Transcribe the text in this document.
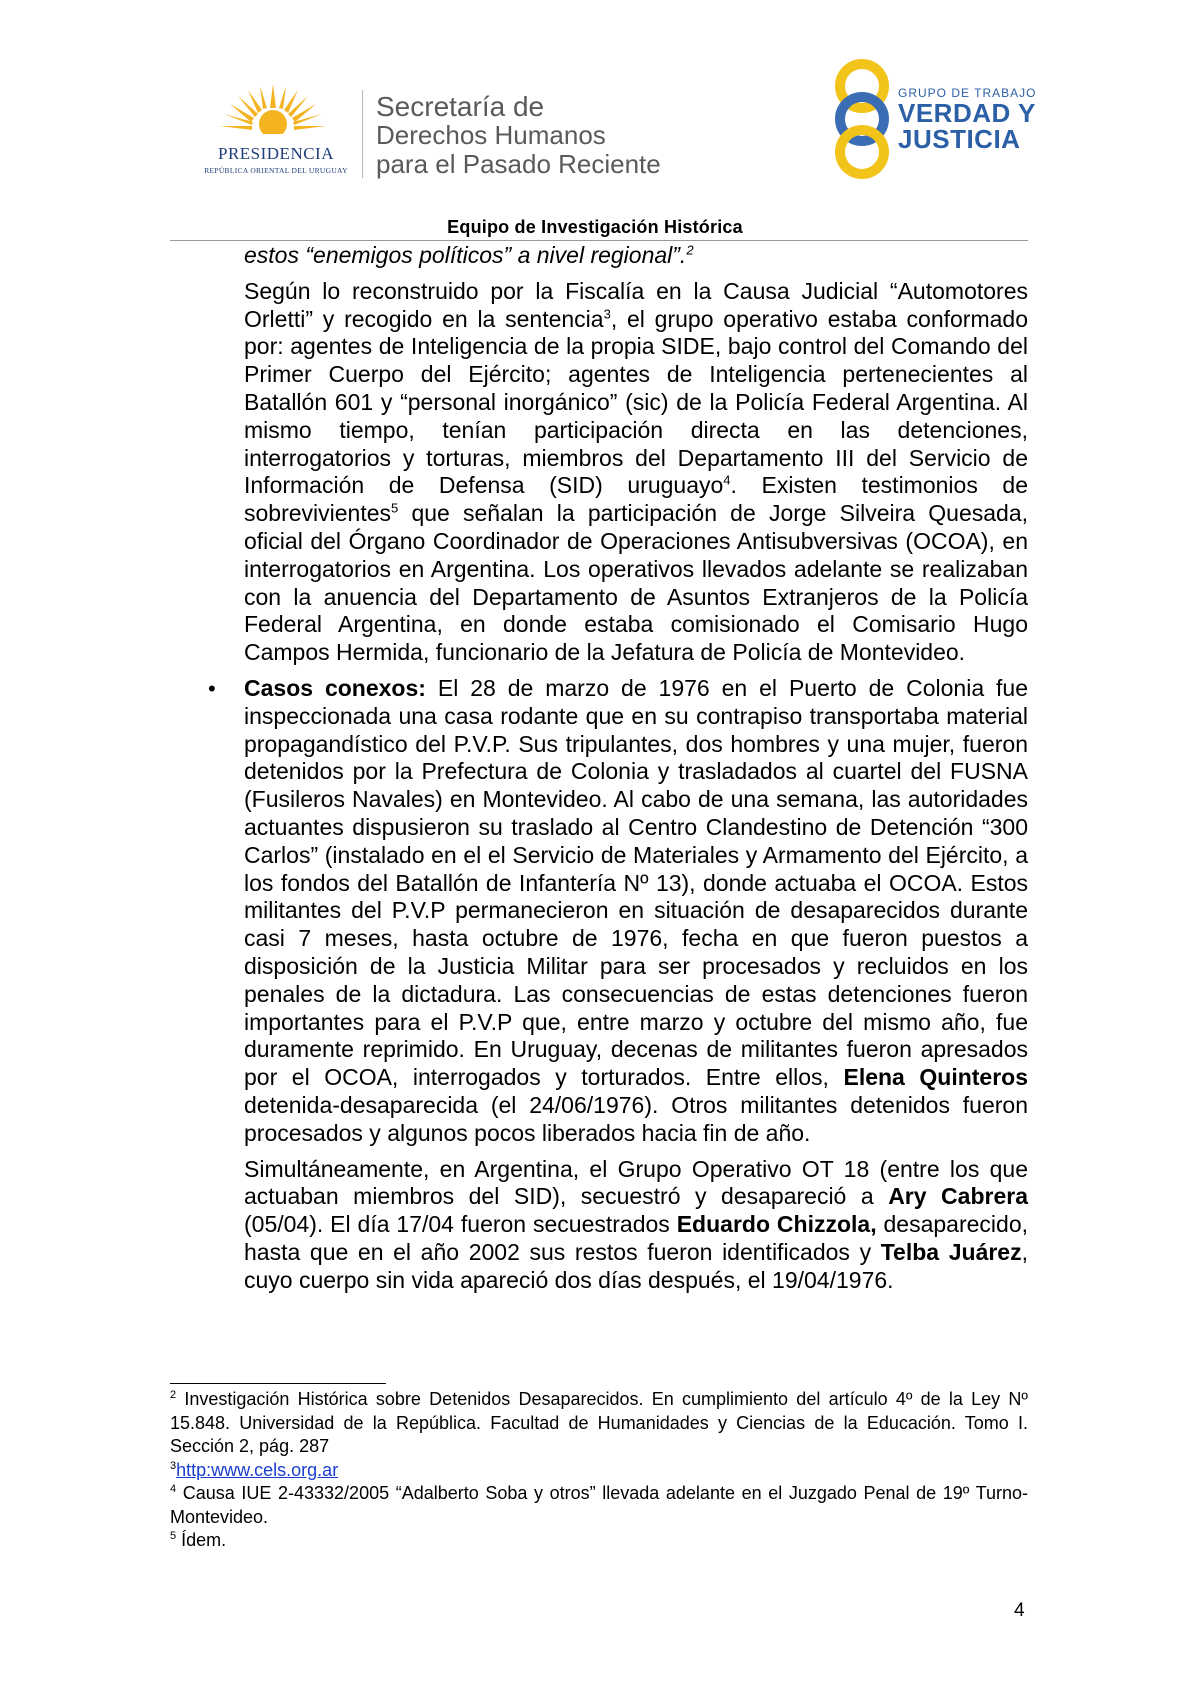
PRESIDENCIA
REPÚBLICA ORIENTAL DEL URUGUAY
Secretaría de
Derechos Humanos
para el Pasado Reciente
GRUPO DE TRABAJO
VERDAD Y
JUSTICIA
Equipo de Investigación Histórica

estos “enemigos políticos” a nivel regional”.$^2$

Según lo reconstruido por la Fiscalía en la Causa Judicial “Automotores Orletti” y recogido en la sentencia$^3$, el grupo operativo estaba conformado por: agentes de Inteligencia de la propia SIDE, bajo control del Comando del Primer Cuerpo del Ejército; agentes de Inteligencia pertenecientes al Batallón 601 y “personal inorgánico” (sic) de la Policía Federal Argentina. Al mismo tiempo, tenían participación directa en las detenciones, interrogatorios y torturas, miembros del Departamento III del Servicio de Información de Defensa (SID) uruguayo$^4$. Existen testimonios de sobrevivientes$^5$ que señalan la participación de Jorge Silveira Quesada, oficial del Órgano Coordinador de Operaciones Antisubversivas (OCOA), en interrogatorios en Argentina. Los operativos llevados adelante se realizaban con la anuencia del Departamento de Asuntos Extranjeros de la Policía Federal Argentina, en donde estaba comisionado el Comisario Hugo Campos Hermida, funcionario de la Jefatura de Policía de Montevideo.

• Casos conexos: El 28 de marzo de 1976 en el Puerto de Colonia fue inspeccionada una casa rodante que en su contrapiso transportaba material propagandístico del P.V.P. Sus tripulantes, dos hombres y una mujer, fueron detenidos por la Prefectura de Colonia y trasladados al cuartel del FUSNA (Fusileros Navales) en Montevideo. Al cabo de una semana, las autoridades actuantes dispusieron su traslado al Centro Clandestino de Detención “300 Carlos” (instalado en el el Servicio de Materiales y Armamento del Ejército, a los fondos del Batallón de Infantería Nº 13), donde actuaba el OCOA. Estos militantes del P.V.P permanecieron en situación de desaparecidos durante casi 7 meses, hasta octubre de 1976, fecha en que fueron puestos a disposición de la Justicia Militar para ser procesados y recluidos en los penales de la dictadura. Las consecuencias de estas detenciones fueron importantes para el P.V.P que, entre marzo y octubre del mismo año, fue duramente reprimido. En Uruguay, decenas de militantes fueron apresados por el OCOA, interrogados y torturados. Entre ellos, Elena Quinteros detenida-desaparecida (el 24/06/1976). Otros militantes detenidos fueron procesados y algunos pocos liberados hacia fin de año.

Simultáneamente, en Argentina, el Grupo Operativo OT 18 (entre los que actuaban miembros del SID), secuestró y desapareció a Ary Cabrera (05/04). El día 17/04 fueron secuestrados Eduardo Chizzola, desaparecido, hasta que en el año 2002 sus restos fueron identificados y Telba Juárez, cuyo cuerpo sin vida apareció dos días después, el 19/04/1976.

$^2$ Investigación Histórica sobre Detenidos Desaparecidos. En cumplimiento del artículo 4º de la Ley Nº 15.848. Universidad de la República. Facultad de Humanidades y Ciencias de la Educación. Tomo I. Sección 2, pág. 287

$^3$http:www.cels.org.ar

$^4$ Causa IUE 2-43332/2005 “Adalberto Soba y otros” llevada adelante en el Juzgado Penal de 19º Turno-Montevideo.

$^5$ Ídem.

4
